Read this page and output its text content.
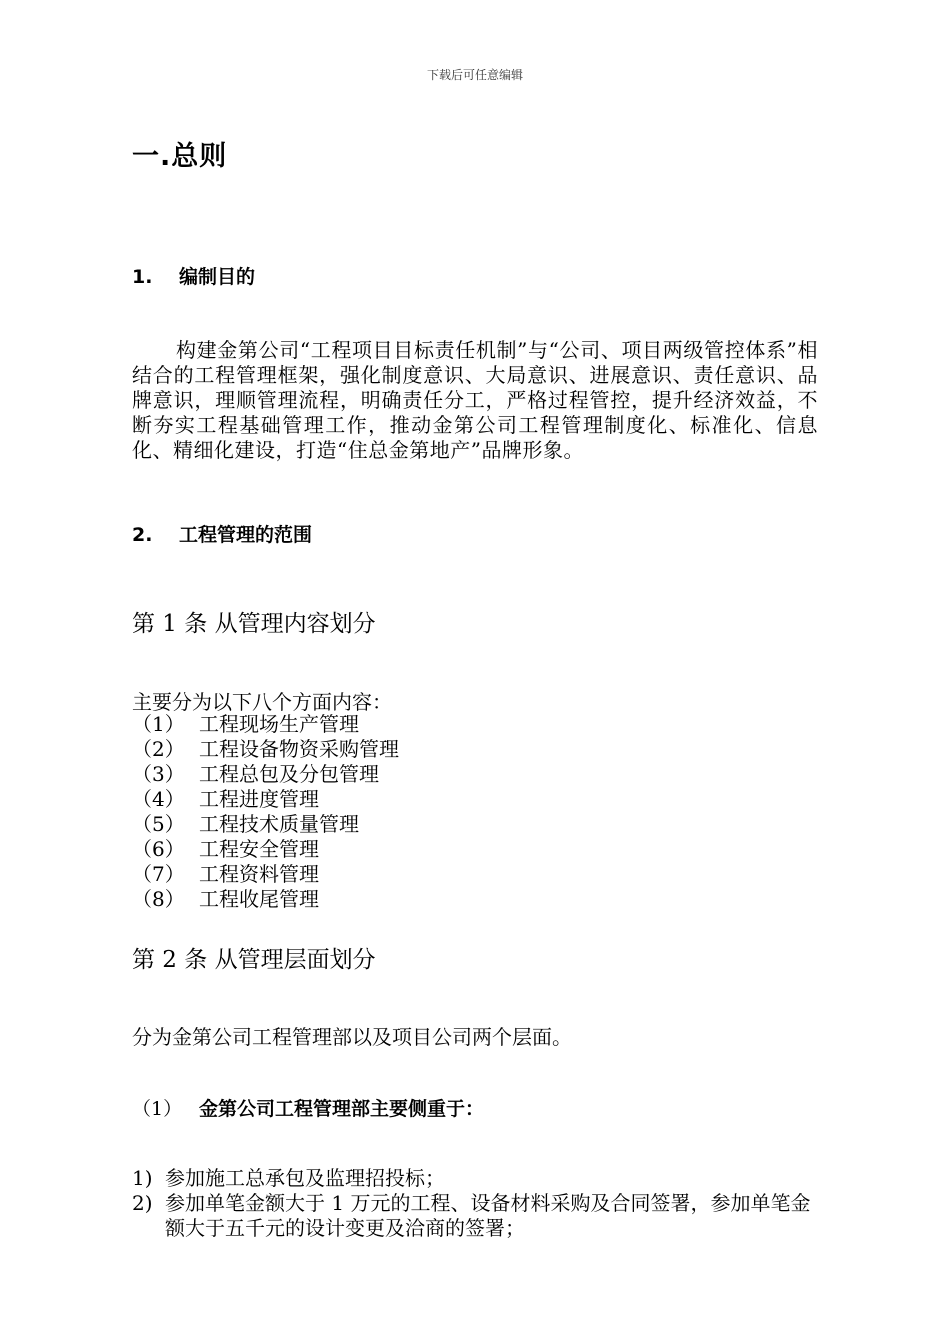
下载后可任意编辑
一.总则
1. 编制目的
构建金第公司“工程项目目标责任机制”与“公司、项目两级管控体系”相结合的工程管理框架，强化制度意识、大局意识、进展意识、责任意识、品牌意识，理顺管理流程，明确责任分工，严格过程管控，提升经济效益，不断夯实工程基础管理工作，推动金第公司工程管理制度化、标准化、信息化、精细化建设，打造“住总金第地产”品牌形象。
2. 工程管理的范围
第 1 条 从管理内容划分
主要分为以下八个方面内容：
（1） 工程现场生产管理
（2） 工程设备物资采购管理
（3） 工程总包及分包管理
（4） 工程进度管理
（5） 工程技术质量管理
（6） 工程安全管理
（7） 工程资料管理
（8） 工程收尾管理
第 2 条 从管理层面划分
分为金第公司工程管理部以及项目公司两个层面。
（1） 金第公司工程管理部主要侧重于：
1) 参加施工总承包及监理招投标；
2) 参加单笔金额大于 1 万元的工程、设备材料采购及合同签署，参加单笔金额大于五千元的设计变更及洽商的签署；
